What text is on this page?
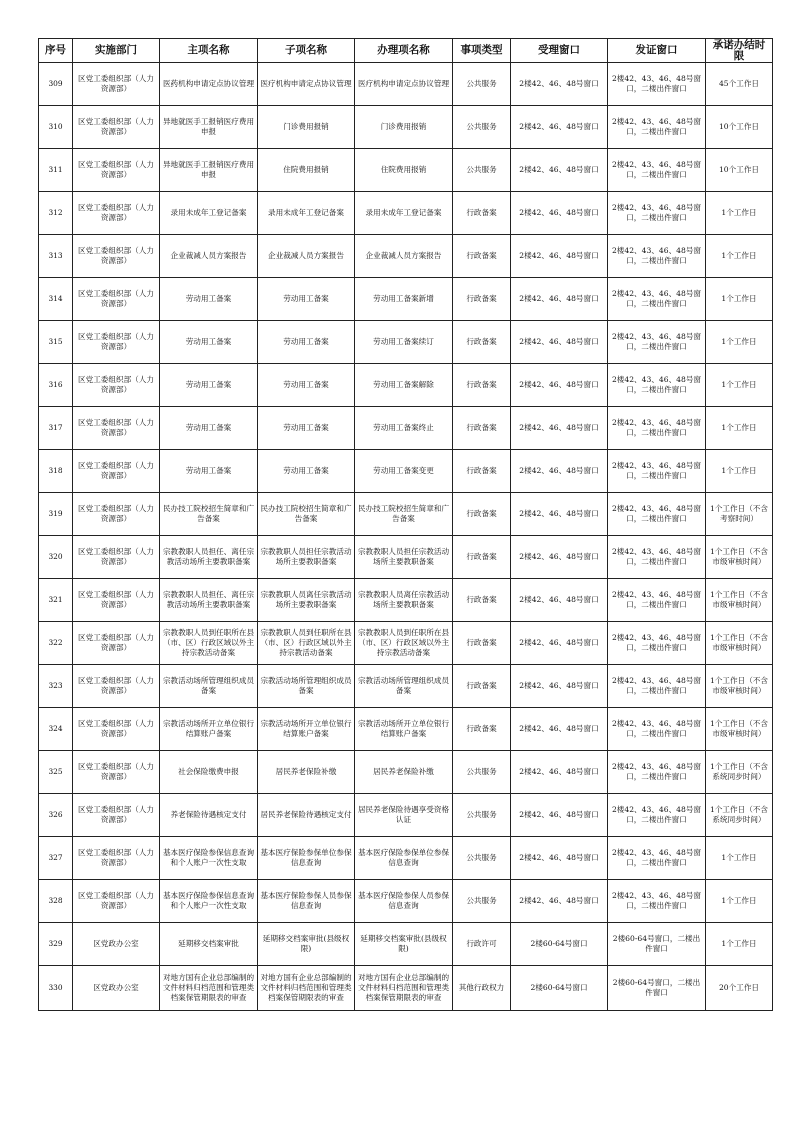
序号	实施部门	主项名称	子项名称	办理项名称	事项类型	受理窗口	发证窗口	承诺办结时限
309	区党工委组织部（人力资源部）	医药机构申请定点协议管理	医疗机构申请定点协议管理	医疗机构申请定点协议管理	公共服务	2楼42、46、48号窗口	2楼42、43、46、48号窗口，二楼出件窗口	45个工作日
310	区党工委组织部（人力资源部）	异地就医手工报销医疗费用申报	门诊费用报销	门诊费用报销	公共服务	2楼42、46、48号窗口	2楼42、43、46、48号窗口，二楼出件窗口	10个工作日
311	区党工委组织部（人力资源部）	异地就医手工报销医疗费用申报	住院费用报销	住院费用报销	公共服务	2楼42、46、48号窗口	2楼42、43、46、48号窗口，二楼出件窗口	10个工作日
312	区党工委组织部（人力资源部）	录用未成年工登记备案	录用未成年工登记备案	录用未成年工登记备案	行政备案	2楼42、46、48号窗口	2楼42、43、46、48号窗口，二楼出件窗口	1个工作日
313	区党工委组织部（人力资源部）	企业裁减人员方案报告	企业裁减人员方案报告	企业裁减人员方案报告	行政备案	2楼42、46、48号窗口	2楼42、43、46、48号窗口，二楼出件窗口	1个工作日
314	区党工委组织部（人力资源部）	劳动用工备案	劳动用工备案	劳动用工备案新增	行政备案	2楼42、46、48号窗口	2楼42、43、46、48号窗口，二楼出件窗口	1个工作日
315	区党工委组织部（人力资源部）	劳动用工备案	劳动用工备案	劳动用工备案续订	行政备案	2楼42、46、48号窗口	2楼42、43、46、48号窗口，二楼出件窗口	1个工作日
316	区党工委组织部（人力资源部）	劳动用工备案	劳动用工备案	劳动用工备案解除	行政备案	2楼42、46、48号窗口	2楼42、43、46、48号窗口，二楼出件窗口	1个工作日
317	区党工委组织部（人力资源部）	劳动用工备案	劳动用工备案	劳动用工备案终止	行政备案	2楼42、46、48号窗口	2楼42、43、46、48号窗口，二楼出件窗口	1个工作日
318	区党工委组织部（人力资源部）	劳动用工备案	劳动用工备案	劳动用工备案变更	行政备案	2楼42、46、48号窗口	2楼42、43、46、48号窗口，二楼出件窗口	1个工作日
319	区党工委组织部（人力资源部）	民办技工院校招生简章和广告备案	民办技工院校招生简章和广告备案	民办技工院校招生简章和广告备案	行政备案	2楼42、46、48号窗口	2楼42、43、46、48号窗口，二楼出件窗口	1个工作日（不含考察时间）
320	区党工委组织部（人力资源部）	宗教教职人员担任、离任宗教活动场所主要教职备案	宗教教职人员担任宗教活动场所主要教职备案	宗教教职人员担任宗教活动场所主要教职备案	行政备案	2楼42、46、48号窗口	2楼42、43、46、48号窗口，二楼出件窗口	1个工作日（不含市级审核时间）
321	区党工委组织部（人力资源部）	宗教教职人员担任、离任宗教活动场所主要教职备案	宗教教职人员离任宗教活动场所主要教职备案	宗教教职人员离任宗教活动场所主要教职备案	行政备案	2楼42、46、48号窗口	2楼42、43、46、48号窗口，二楼出件窗口	1个工作日（不含市级审核时间）
322	区党工委组织部（人力资源部）	宗教教职人员到任职所在县（市、区）行政区域以外主持宗教活动备案	宗教教职人员到任职所在县（市、区）行政区域以外主持宗教活动备案	宗教教职人员到任职所在县（市、区）行政区域以外主持宗教活动备案	行政备案	2楼42、46、48号窗口	2楼42、43、46、48号窗口，二楼出件窗口	1个工作日（不含市级审核时间）
323	区党工委组织部（人力资源部）	宗教活动场所管理组织成员备案	宗教活动场所管理组织成员备案	宗教活动场所管理组织成员备案	行政备案	2楼42、46、48号窗口	2楼42、43、46、48号窗口，二楼出件窗口	1个工作日（不含市级审核时间）
324	区党工委组织部（人力资源部）	宗教活动场所开立单位银行结算账户备案	宗教活动场所开立单位银行结算账户备案	宗教活动场所开立单位银行结算账户备案	行政备案	2楼42、46、48号窗口	2楼42、43、46、48号窗口，二楼出件窗口	1个工作日（不含市级审核时间）
325	区党工委组织部（人力资源部）	社会保险缴费申报	居民养老保险补缴	居民养老保险补缴	公共服务	2楼42、46、48号窗口	2楼42、43、46、48号窗口，二楼出件窗口	1个工作日（不含系统同步时间）
326	区党工委组织部（人力资源部）	养老保险待遇核定支付	居民养老保险待遇核定支付	居民养老保险待遇享受资格认证	公共服务	2楼42、46、48号窗口	2楼42、43、46、48号窗口，二楼出件窗口	1个工作日（不含系统同步时间）
327	区党工委组织部（人力资源部）	基本医疗保险参保信息查询和个人账户一次性支取	基本医疗保险参保单位参保信息查询	基本医疗保险参保单位参保信息查询	公共服务	2楼42、46、48号窗口	2楼42、43、46、48号窗口，二楼出件窗口	1个工作日
328	区党工委组织部（人力资源部）	基本医疗保险参保信息查询和个人账户一次性支取	基本医疗保险参保人员参保信息查询	基本医疗保险参保人员参保信息查询	公共服务	2楼42、46、48号窗口	2楼42、43、46、48号窗口，二楼出件窗口	1个工作日
329	区党政办公室	延期移交档案审批	延期移交档案审批(县级权限)	延期移交档案审批(县级权限)	行政许可	2楼60-64号窗口	2楼60-64号窗口，二楼出件窗口	1个工作日
330	区党政办公室	对地方国有企业总部编制的文件材料归档范围和管理类档案保管期限表的审查	对地方国有企业总部编制的文件材料归档范围和管理类档案保管期限表的审查	对地方国有企业总部编制的文件材料归档范围和管理类档案保管期限表的审查	其他行政权力	2楼60-64号窗口	2楼60-64号窗口，二楼出件窗口	20个工作日
